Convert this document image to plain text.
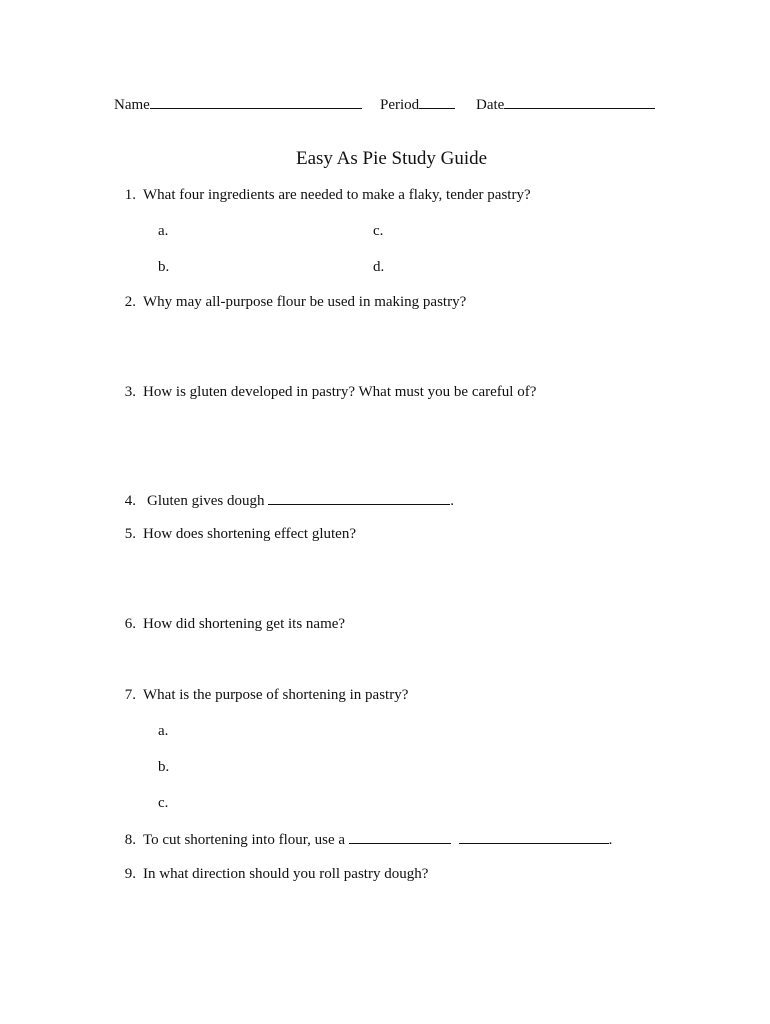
Name	Period	Date
Easy As Pie Study Guide
1. What four ingredients are needed to make a flaky, tender pastry?
a.	c.
b.	d.
2. Why may all-purpose flour be used in making pastry?
3. How is gluten developed in pastry? What must you be careful of?
4. Gluten gives dough	.
5. How does shortening effect gluten?
6. How did shortening get its name?
7. What is the purpose of shortening in pastry?
a.
b.
c.
8. To cut shortening into flour, use a	.
9. In what direction should you roll pastry dough?
